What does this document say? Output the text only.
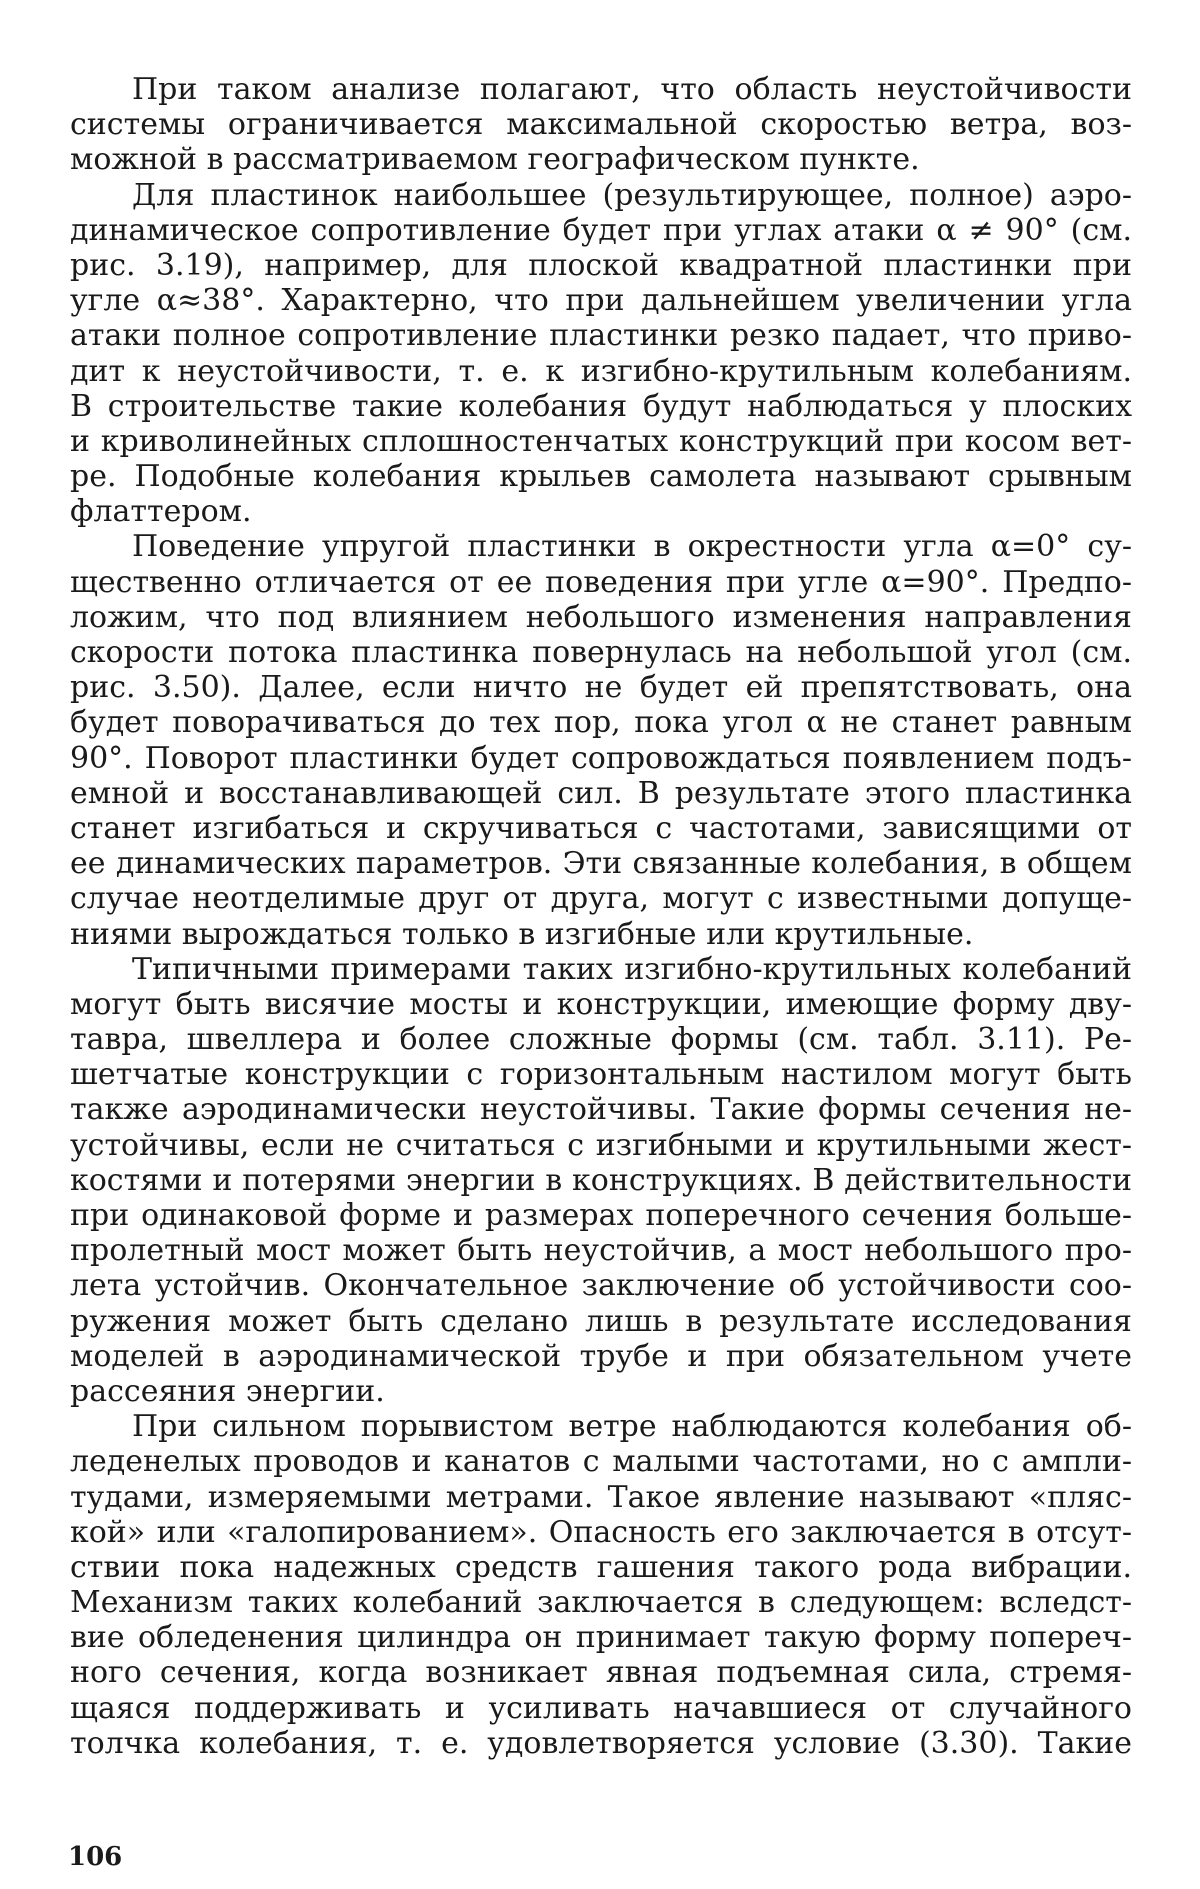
При таком анализе полагают, что область неустойчивости
системы ограничивается максимальной скоростью ветра, воз-
можной в рассматриваемом географическом пункте.
Для пластинок наибольшее (результирующее, полное) аэро-
динамическое сопротивление будет при углах атаки α ≠ 90° (см.
рис. 3.19), например, для плоской квадратной пластинки при
угле α≈38°. Характерно, что при дальнейшем увеличении угла
атаки полное сопротивление пластинки резко падает, что приво-
дит к неустойчивости, т. е. к изгибно-крутильным колебаниям.
В строительстве такие колебания будут наблюдаться у плоских
и криволинейных сплошностенчатых конструкций при косом вет-
ре. Подобные колебания крыльев самолета называют срывным
флаттером.
Поведение упругой пластинки в окрестности угла α=0° су-
щественно отличается от ее поведения при угле α=90°. Предпо-
ложим, что под влиянием небольшого изменения направления
скорости потока пластинка повернулась на небольшой угол (см.
рис. 3.50). Далее, если ничто не будет ей препятствовать, она
будет поворачиваться до тех пор, пока угол α не станет равным
90°. Поворот пластинки будет сопровождаться появлением подъ-
емной и восстанавливающей сил. В результате этого пластинка
станет изгибаться и скручиваться с частотами, зависящими от
ее динамических параметров. Эти связанные колебания, в общем
случае неотделимые друг от друга, могут с известными допуще-
ниями вырождаться только в изгибные или крутильные.
Типичными примерами таких изгибно-крутильных колебаний
могут быть висячие мосты и конструкции, имеющие форму дву-
тавра, швеллера и более сложные формы (см. табл. 3.11). Ре-
шетчатые конструкции с горизонтальным настилом могут быть
также аэродинамически неустойчивы. Такие формы сечения не-
устойчивы, если не считаться с изгибными и крутильными жест-
костями и потерями энергии в конструкциях. В действительности
при одинаковой форме и размерах поперечного сечения больше-
пролетный мост может быть неустойчив, а мост небольшого про-
лета устойчив. Окончательное заключение об устойчивости соо-
ружения может быть сделано лишь в результате исследования
моделей в аэродинамической трубе и при обязательном учете
рассеяния энергии.
При сильном порывистом ветре наблюдаются колебания об-
леденелых проводов и канатов с малыми частотами, но с ампли-
тудами, измеряемыми метрами. Такое явление называют «пляс-
кой» или «галопированием». Опасность его заключается в отсут-
ствии пока надежных средств гашения такого рода вибрации.
Механизм таких колебаний заключается в следующем: вследст-
вие обледенения цилиндра он принимает такую форму попереч-
ного сечения, когда возникает явная подъемная сила, стремя-
щаяся поддерживать и усиливать начавшиеся от случайного
толчка колебания, т. е. удовлетворяется условие (3.30). Такие
106
